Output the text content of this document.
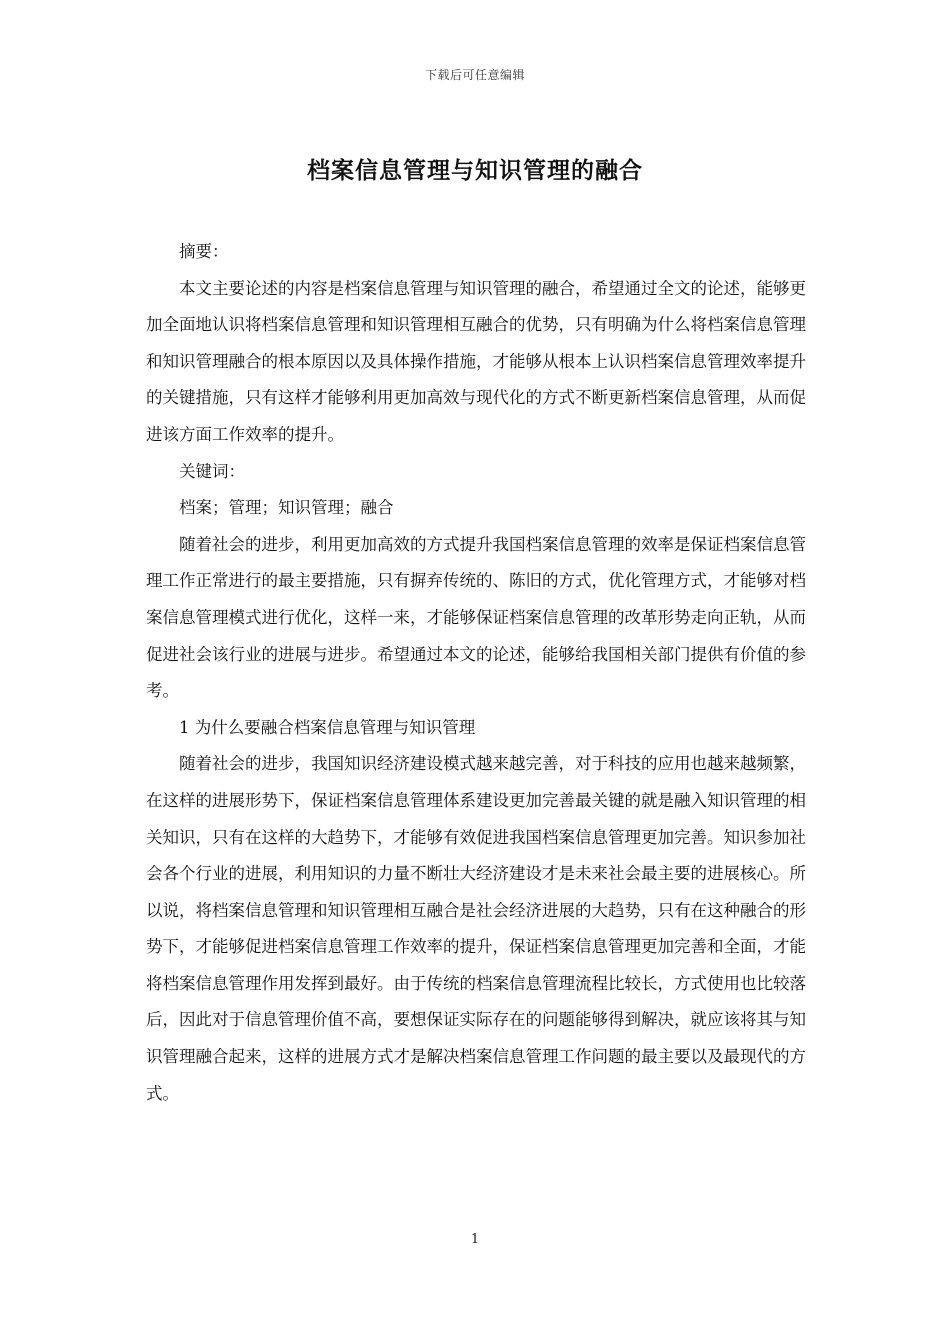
下载后可任意编辑
档案信息管理与知识管理的融合

摘要：

本文主要论述的内容是档案信息管理与知识管理的融合，希望通过全文的论述，能够更加全面地认识将档案信息管理和知识管理相互融合的优势，只有明确为什么将档案信息管理和知识管理融合的根本原因以及具体操作措施，才能够从根本上认识档案信息管理效率提升的关键措施，只有这样才能够利用更加高效与现代化的方式不断更新档案信息管理，从而促进该方面工作效率的提升。

关键词：

档案；管理；知识管理；融合

随着社会的进步，利用更加高效的方式提升我国档案信息管理的效率是保证档案信息管理工作正常进行的最主要措施，只有摒弃传统的、陈旧的方式，优化管理方式，才能够对档案信息管理模式进行优化，这样一来，才能够保证档案信息管理的改革形势走向正轨，从而促进社会该行业的进展与进步。希望通过本文的论述，能够给我国相关部门提供有价值的参考。

1 为什么要融合档案信息管理与知识管理

随着社会的进步，我国知识经济建设模式越来越完善，对于科技的应用也越来越频繁，在这样的进展形势下，保证档案信息管理体系建设更加完善最关键的就是融入知识管理的相关知识，只有在这样的大趋势下，才能够有效促进我国档案信息管理更加完善。知识参加社会各个行业的进展，利用知识的力量不断壮大经济建设才是未来社会最主要的进展核心。所以说，将档案信息管理和知识管理相互融合是社会经济进展的大趋势，只有在这种融合的形势下，才能够促进档案信息管理工作效率的提升，保证档案信息管理更加完善和全面，才能将档案信息管理作用发挥到最好。由于传统的档案信息管理流程比较长，方式使用也比较落后，因此对于信息管理价值不高，要想保证实际存在的问题能够得到解决，就应该将其与知识管理融合起来，这样的进展方式才是解决档案信息管理工作问题的最主要以及最现代的方式。

1
